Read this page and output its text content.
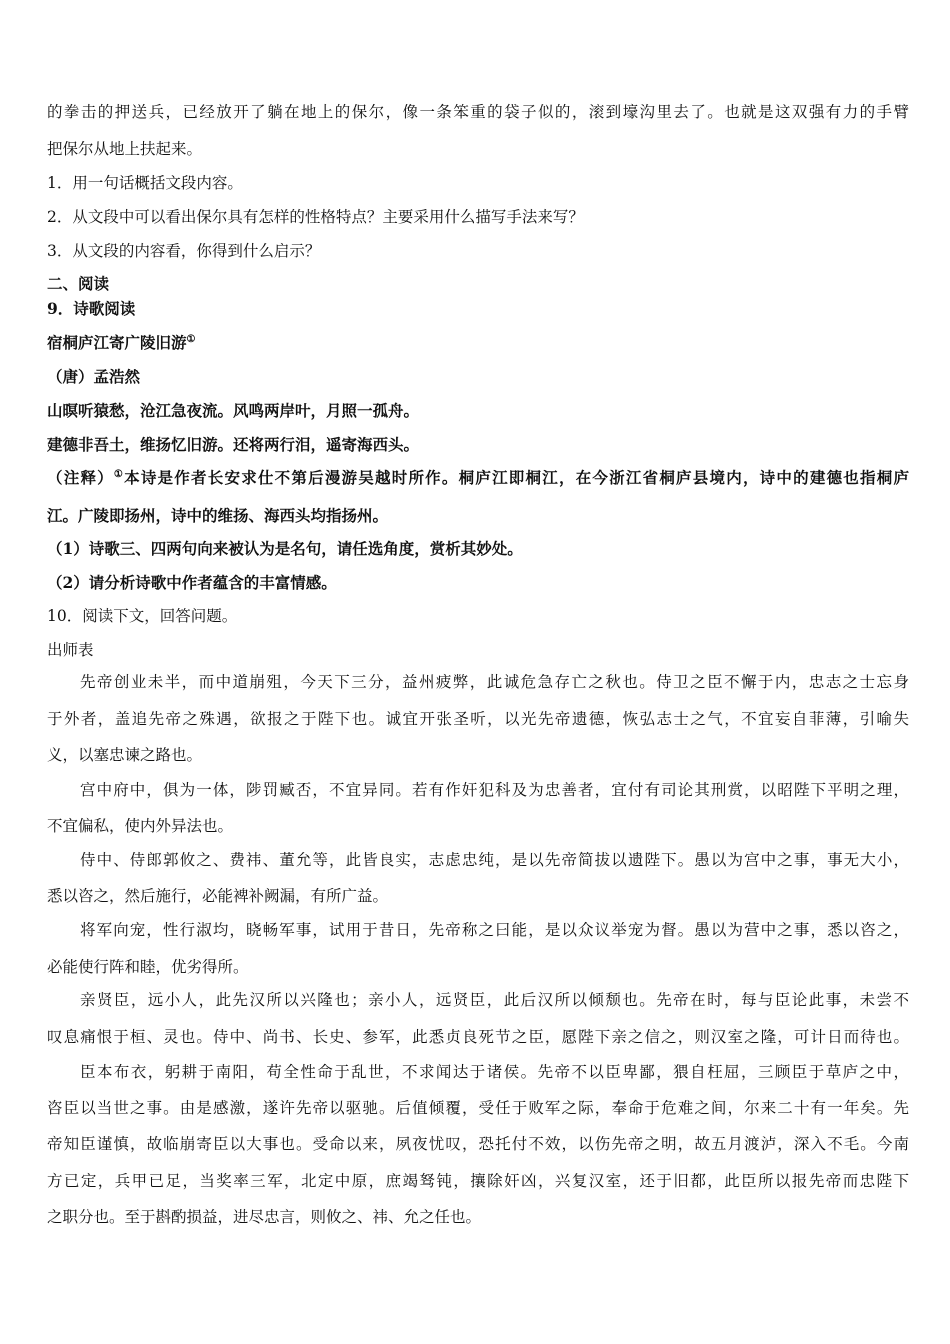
的拳击的押送兵，已经放开了躺在地上的保尔，像一条笨重的袋子似的，滚到壕沟里去了。也就是这双强有力的手臂
把保尔从地上扶起来。
1．用一句话概括文段内容。
2．从文段中可以看出保尔具有怎样的性格特点？主要采用什么描写手法来写？
3．从文段的内容看，你得到什么启示？
二、阅读
9．诗歌阅读
宿桐庐江寄广陵旧游①
（唐）孟浩然
山暝听猿愁，沧江急夜流。风鸣两岸叶，月照一孤舟。
建德非吾土，维扬忆旧游。还将两行泪，遥寄海西头。
（注释）①本诗是作者长安求仕不第后漫游吴越时所作。桐庐江即桐江，在今浙江省桐庐县境内，诗中的建德也指桐庐
江。广陵即扬州，诗中的维扬、海西头均指扬州。
（1）诗歌三、四两句向来被认为是名句，请任选角度，赏析其妙处。
（2）请分析诗歌中作者蕴含的丰富情感。
10．阅读下文，回答问题。
出师表
先帝创业未半，而中道崩殂，今天下三分，益州疲弊，此诚危急存亡之秋也。侍卫之臣不懈于内，忠志之士忘身
于外者，盖追先帝之殊遇，欲报之于陛下也。诚宜开张圣听，以光先帝遗德，恢弘志士之气，不宜妄自菲薄，引喻失
义，以塞忠谏之路也。
宫中府中，俱为一体，陟罚臧否，不宜异同。若有作奸犯科及为忠善者，宜付有司论其刑赏，以昭陛下平明之理，
不宜偏私，使内外异法也。
侍中、侍郎郭攸之、费祎、董允等，此皆良实，志虑忠纯，是以先帝简拔以遗陛下。愚以为宫中之事，事无大小，
悉以咨之，然后施行，必能裨补阙漏，有所广益。
将军向宠，性行淑均，晓畅军事，试用于昔日，先帝称之曰能，是以众议举宠为督。愚以为营中之事，悉以咨之，
必能使行阵和睦，优劣得所。
亲贤臣，远小人，此先汉所以兴隆也；亲小人，远贤臣，此后汉所以倾颓也。先帝在时，每与臣论此事，未尝不
叹息痛恨于桓、灵也。侍中、尚书、长史、参军，此悉贞良死节之臣，愿陛下亲之信之，则汉室之隆，可计日而待也。
臣本布衣，躬耕于南阳，苟全性命于乱世，不求闻达于诸侯。先帝不以臣卑鄙，猥自枉屈，三顾臣于草庐之中，
咨臣以当世之事。由是感激，遂许先帝以驱驰。后值倾覆，受任于败军之际，奉命于危难之间，尔来二十有一年矣。先
帝知臣谨慎，故临崩寄臣以大事也。受命以来，夙夜忧叹，恐托付不效，以伤先帝之明，故五月渡泸，深入不毛。今南
方已定，兵甲已足，当奖率三军，北定中原，庶竭驽钝，攘除奸凶，兴复汉室，还于旧都，此臣所以报先帝而忠陛下
之职分也。至于斟酌损益，进尽忠言，则攸之、祎、允之任也。
